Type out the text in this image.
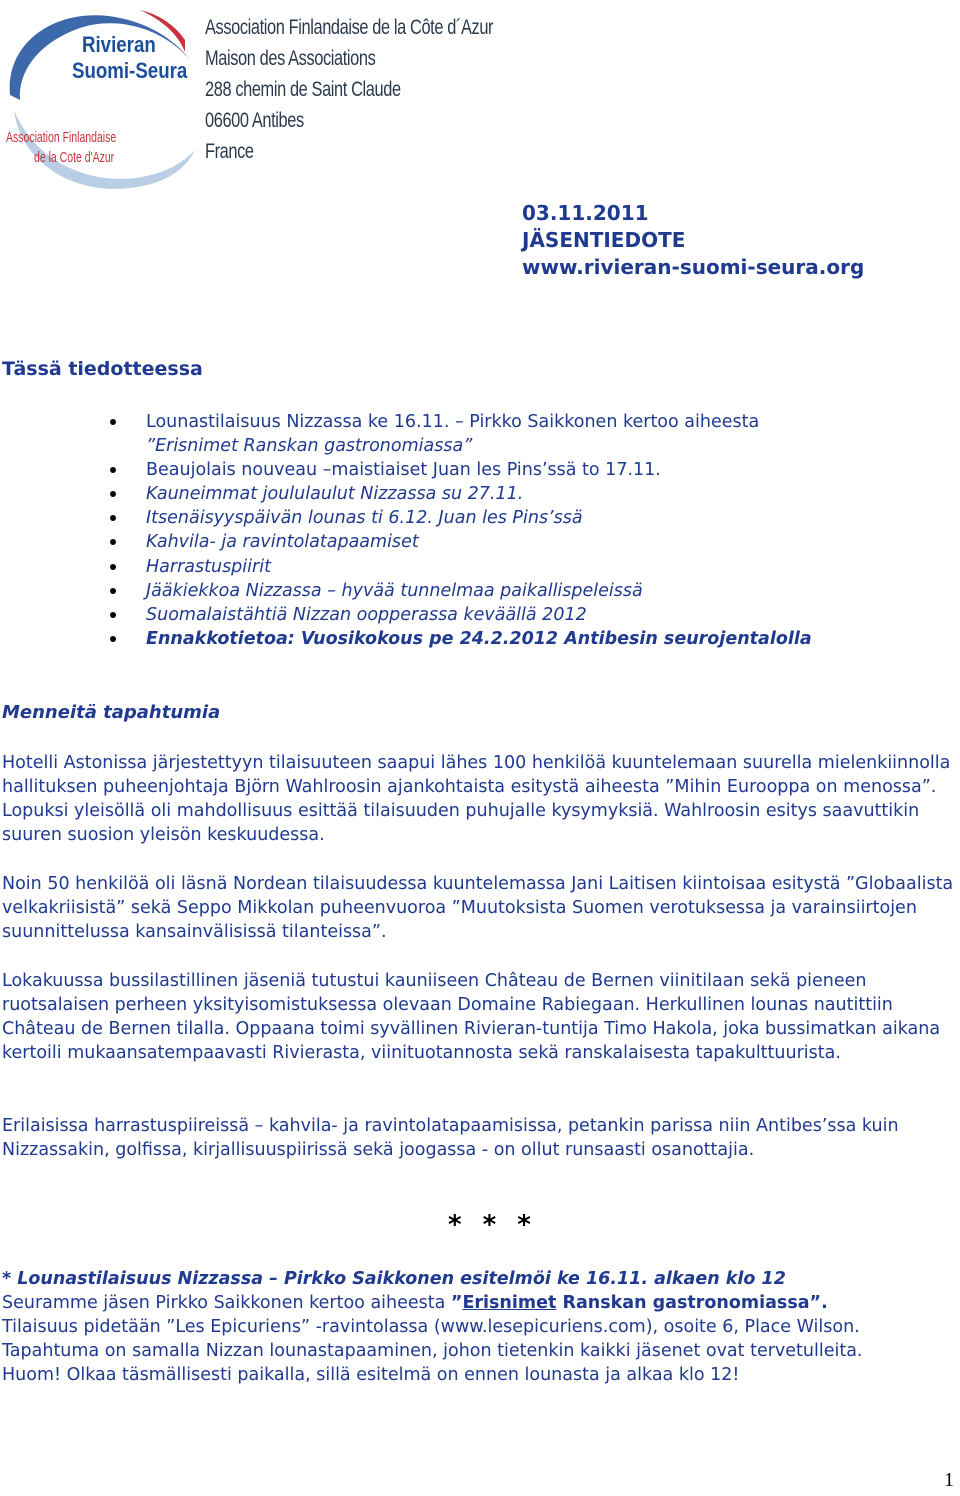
Rivieran
Suomi-Seura
Association Finlandaise
de la Cote d'Azur
Association Finlandaise de la Côte d´Azur
Maison des Associations
288 chemin de Saint Claude
06600 Antibes
France
03.11.2011
JÄSENTIEDOTE
www.rivieran-suomi-seura.org
Tässä tiedotteessa
Lounastilaisuus Nizzassa ke 16.11. – Pirkko Saikkonen kertoo aiheesta
”Erisnimet Ranskan gastronomiassa”
Beaujolais nouveau –maistiaiset Juan les Pins’ssä to 17.11.
Kauneimmat joululaulut Nizzassa su 27.11.
Itsenäisyyspäivän lounas ti 6.12. Juan les Pins’ssä
Kahvila- ja ravintolatapaamiset
Harrastuspiirit
Jääkiekkoa Nizzassa – hyvää tunnelmaa paikallispeleissä
Suomalaistähtiä Nizzan oopperassa keväällä 2012
Ennakkotietoa: Vuosikokous pe 24.2.2012 Antibesin seurojentalolla
Menneitä tapahtumia

Hotelli Astonissa järjestettyyn tilaisuuteen saapui lähes 100 henkilöä kuuntelemaan suurella mielenkiinnolla hallituksen puheenjohtaja Björn Wahlroosin ajankohtaista esitystä aiheesta ”Mihin Eurooppa on menossa”. Lopuksi yleisöllä oli mahdollisuus esittää tilaisuuden puhujalle kysymyksiä. Wahlroosin esitys saavuttikin suuren suosion yleisön keskuudessa.

Noin 50 henkilöä oli läsnä Nordean tilaisuudessa kuuntelemassa Jani Laitisen kiintoisaa esitystä ”Globaalista velkakriisistä” sekä Seppo Mikkolan puheenvuoroa ”Muutoksista Suomen verotuksessa ja varainsiirtojen suunnittelussa kansainvälisissä tilanteissa”.

Lokakuussa bussilastillinen jäseniä tutustui kauniiseen Château de Bernen viinitilaan sekä pieneen ruotsalaisen perheen yksityisomistuksessa olevaan Domaine Rabiegaan. Herkullinen lounas nautittiin Château de Bernen tilalla. Oppaana toimi syvällinen Rivieran-tuntija Timo Hakola, joka bussimatkan aikana kertoili mukaansatempaavasti Rivierasta, viinituotannosta sekä ranskalaisesta tapakulttuurista.

Erilaisissa harrastuspiireissä – kahvila- ja ravintolatapaamisissa, petankin parissa niin Antibes’ssa kuin Nizzassakin, golfissa, kirjallisuuspiirissä sekä joogassa - on ollut runsaasti osanottajia.

* * *

* Lounastilaisuus Nizzassa – Pirkko Saikkonen esitelmöi ke 16.11. alkaen klo 12

Seuramme jäsen Pirkko Saikkonen kertoo aiheesta ”Erisnimet Ranskan gastronomiassa”.

Tilaisuus pidetään ”Les Epicuriens” -ravintolassa (www.lesepicuriens.com), osoite 6, Place Wilson. Tapahtuma on samalla Nizzan lounastapaaminen, johon tietenkin kaikki jäsenet ovat tervetulleita.

Huom! Olkaa täsmällisesti paikalla, sillä esitelmä on ennen lounasta ja alkaa klo 12!

1
